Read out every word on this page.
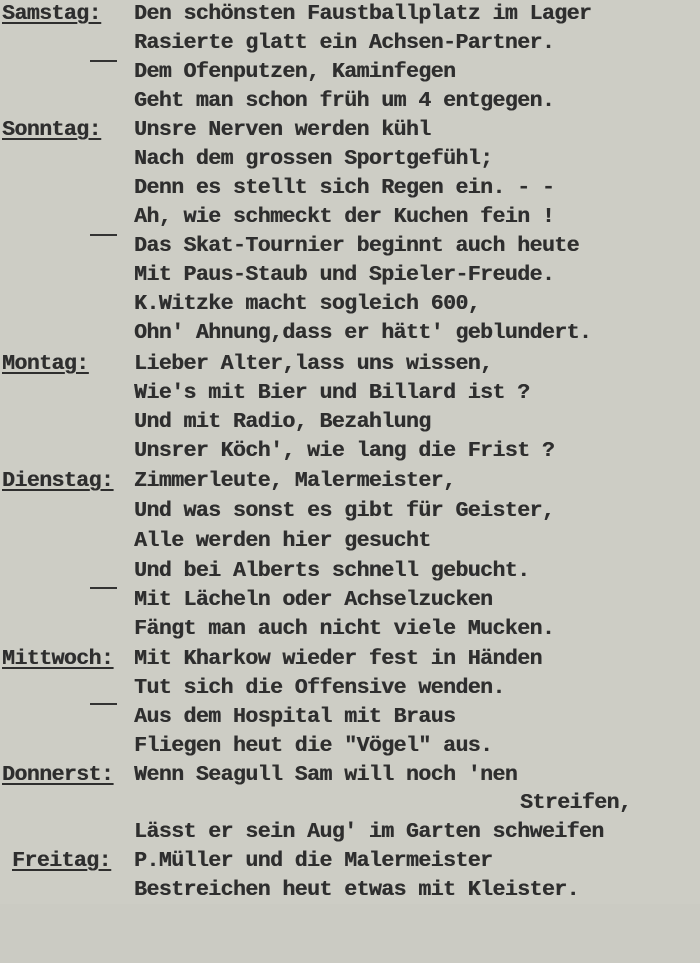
Samstag:

Den schönsten Faustballplatz im Lager

Rasierte glatt ein Achsen-Partner.

Dem Ofenputzen, Kaminfegen

Geht man schon früh um 4 entgegen.

Sonntag:

Unsre Nerven werden kühl

Nach dem grossen Sportgefühl;

Denn es stellt sich Regen ein. - -

Ah, wie schmeckt der Kuchen fein !

Das Skat-Tournier beginnt auch heute

Mit Paus-Staub und Spieler-Freude.

K.Witzke macht sogleich 600,

Ohn' Ahnung,dass er hätt' geblundert.

Montag:

Lieber Alter,lass uns wissen,

Wie's mit Bier und Billard ist ?

Und mit Radio, Bezahlung

Unsrer Köch', wie lang die Frist ?

Dienstag:

Zimmerleute, Malermeister,

Und was sonst es gibt für Geister,

Alle werden hier gesucht

Und bei Alberts schnell gebucht.

Mit Lächeln oder Achselzucken

Fängt man auch nicht viele Mucken.

Mittwoch:

Mit Kharkow wieder fest in Händen

Tut sich die Offensive wenden.

Aus dem Hospital mit Braus

Fliegen heut die "Vögel" aus.

Donnerst:

Wenn Seagull Sam will noch 'nen

Streifen,

Lässt er sein Aug' im Garten schweifen

Freitag:

P.Müller und die Malermeister

Bestreichen heut etwas mit Kleister.
